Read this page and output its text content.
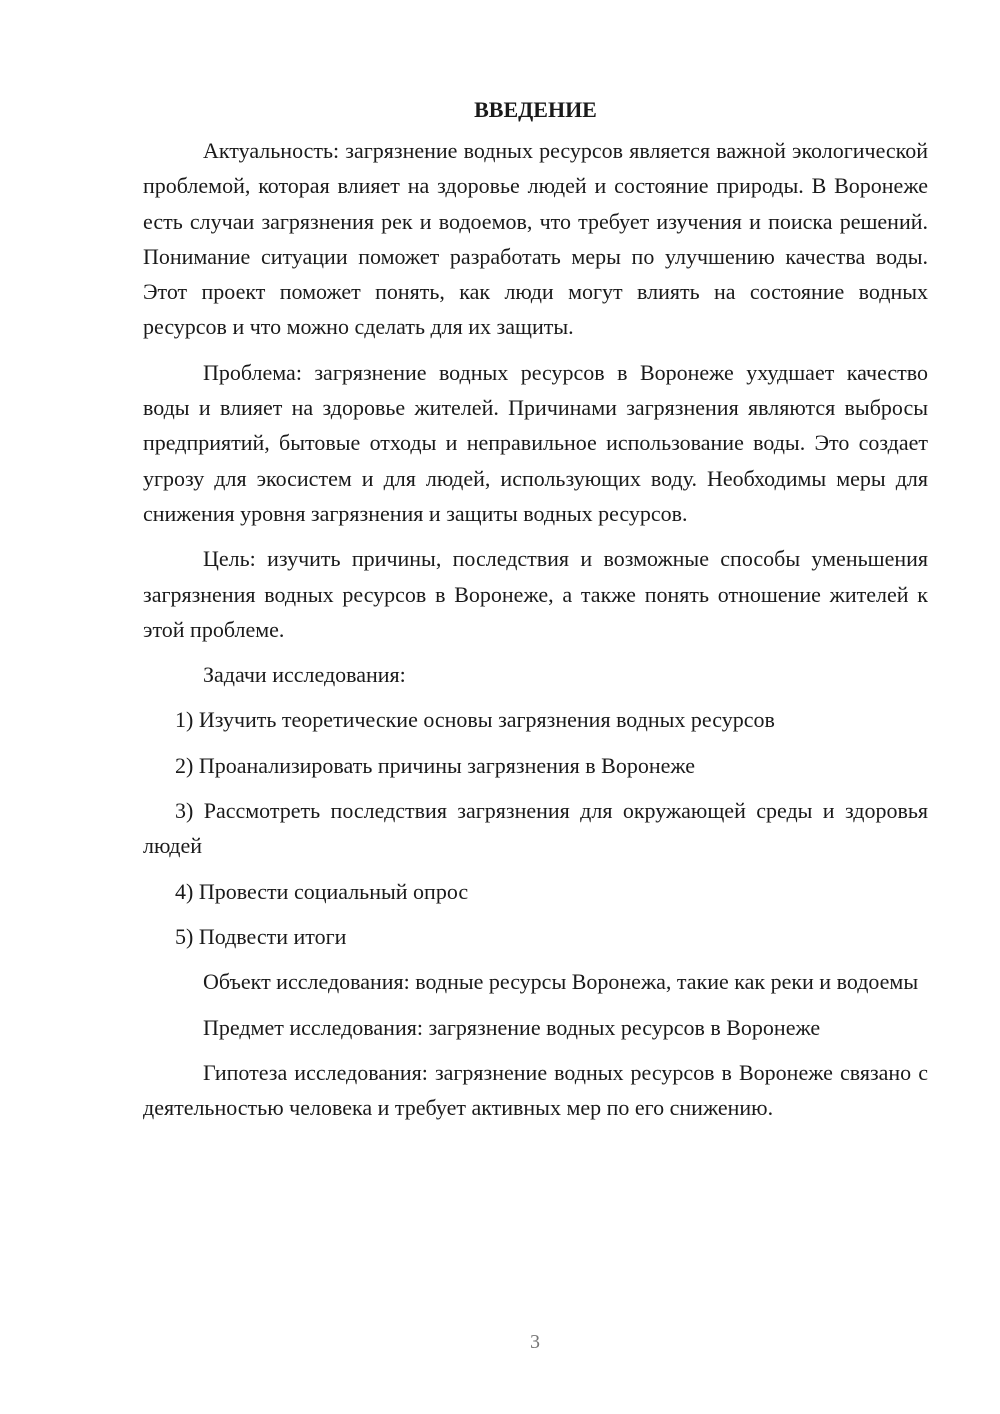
ВВЕДЕНИЕ

Актуальность: загрязнение водных ресурсов является важной экологической проблемой, которая влияет на здоровье людей и состояние природы. В Воронеже есть случаи загрязнения рек и водоемов, что требует изучения и поиска решений. Понимание ситуации поможет разработать меры по улучшению качества воды. Этот проект поможет понять, как люди могут влиять на состояние водных ресурсов и что можно сделать для их защиты.

Проблема: загрязнение водных ресурсов в Воронеже ухудшает качество воды и влияет на здоровье жителей. Причинами загрязнения являются выбросы предприятий, бытовые отходы и неправильное использование воды. Это создает угрозу для экосистем и для людей, использующих воду. Необходимы меры для снижения уровня загрязнения и защиты водных ресурсов.

Цель: изучить причины, последствия и возможные способы уменьшения загрязнения водных ресурсов в Воронеже, а также понять отношение жителей к этой проблеме.

Задачи исследования:

1) Изучить теоретические основы загрязнения водных ресурсов

2) Проанализировать причины загрязнения в Воронеже

3) Рассмотреть последствия загрязнения для окружающей среды и здоровья людей

4) Провести социальный опрос

5) Подвести итоги

Объект исследования: водные ресурсы Воронежа, такие как реки и водоемы

Предмет исследования: загрязнение водных ресурсов в Воронеже

Гипотеза исследования: загрязнение водных ресурсов в Воронеже связано с деятельностью человека и требует активных мер по его снижению.

3
